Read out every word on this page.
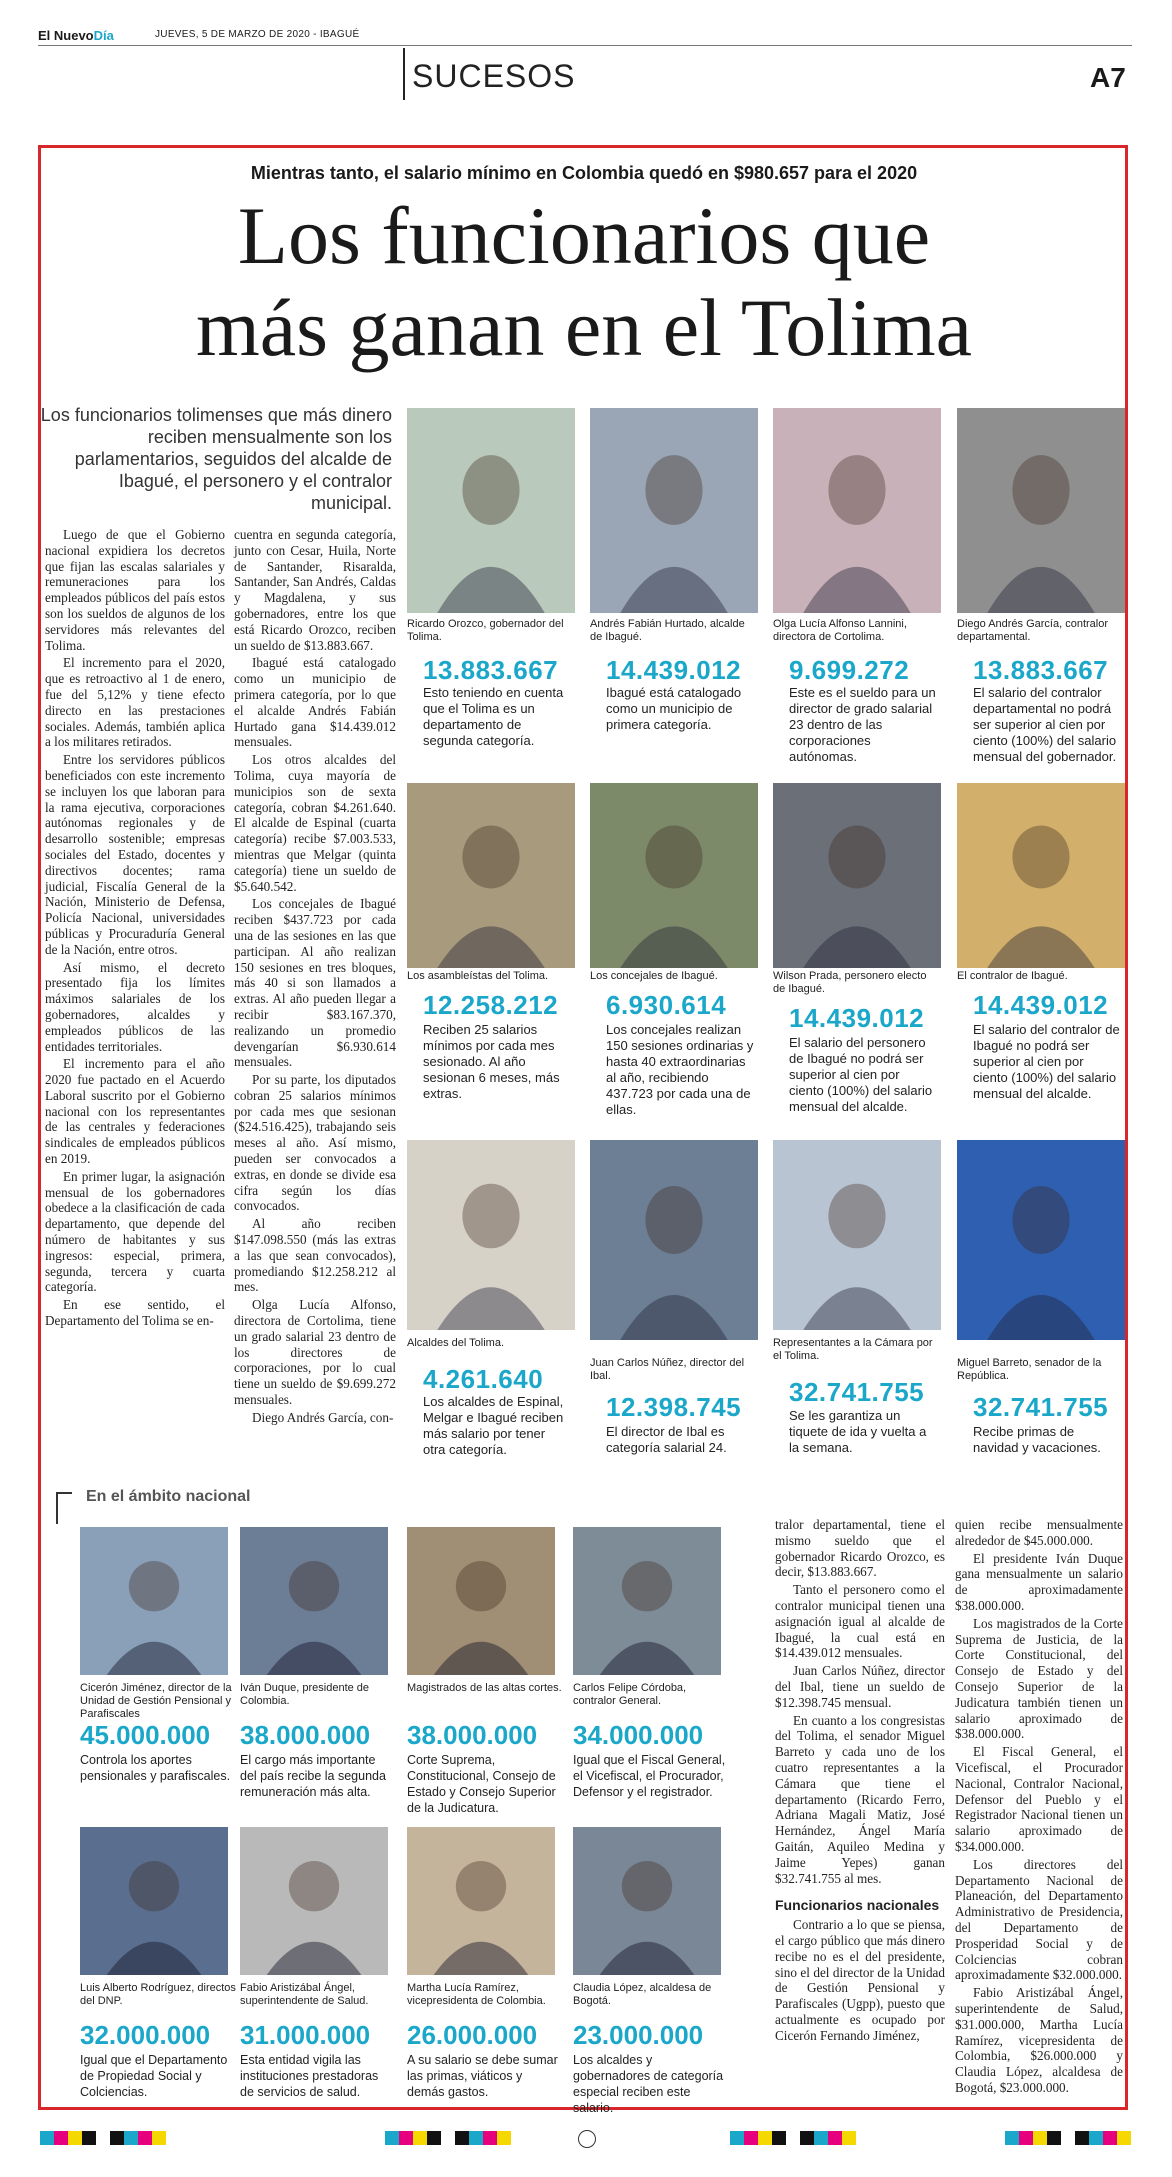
El NuevoDía	JUEVES, 5 DE MARZO DE 2020 - IBAGUÉ
SUCESOS	A7
Mientras tanto, el salario mínimo en Colombia quedó en $980.657 para el 2020
Los funcionarios que
más ganan en el Tolima
Los funcionarios tolimenses que más dinero reciben mensualmente son los parlamentarios, seguidos del alcalde de Ibagué, el personero y el contralor municipal.

Luego de que el Gobierno nacional expidiera los decretos que fijan las escalas salariales y remuneraciones para los empleados públicos del país estos son los sueldos de algunos de los servidores más relevantes del Tolima.

El incremento para el 2020, que es retroactivo al 1 de enero, fue del 5,12% y tiene efecto directo en las prestaciones sociales. Además, también aplica a los militares retirados.

Entre los servidores públicos beneficiados con este incremento se incluyen los que laboran para la rama ejecutiva, corporaciones autónomas regionales y de desarrollo sostenible; empresas sociales del Estado, docentes y directivos docentes; rama judicial, Fiscalía General de la Nación, Ministerio de Defensa, Policía Nacional, universidades públicas y Procuraduría General de la Nación, entre otros.

Así mismo, el decreto presentado fija los límites máximos salariales de los gobernadores, alcaldes y empleados públicos de las entidades territoriales.

El incremento para el año 2020 fue pactado en el Acuerdo Laboral suscrito por el Gobierno nacional con los representantes de las centrales y federaciones sindicales de empleados públicos en 2019.

En primer lugar, la asignación mensual de los gobernadores obedece a la clasificación de cada departamento, que depende del número de habitantes y sus ingresos: especial, primera, segunda, tercera y cuarta categoría.

En ese sentido, el Departamento del Tolima se en-

cuentra en segunda categoría, junto con Cesar, Huila, Norte de Santander, Risaralda, Santander, San Andrés, Caldas y Magdalena, y sus gobernadores, entre los que está Ricardo Orozco, reciben un sueldo de $13.883.667.

Ibagué está catalogado como un municipio de primera categoría, por lo que el alcalde Andrés Fabián Hurtado gana $14.439.012 mensuales.

Los otros alcaldes del Tolima, cuya mayoría de municipios son de sexta categoría, cobran $4.261.640. El alcalde de Espinal (cuarta categoría) recibe $7.003.533, mientras que Melgar (quinta categoría) tiene un sueldo de $5.640.542.

Los concejales de Ibagué reciben $437.723 por cada una de las sesiones en las que participan. Al año realizan 150 sesiones en tres bloques, más 40 si son llamados a extras. Al año pueden llegar a recibir $83.167.370, realizando un promedio devengarían $6.930.614 mensuales.

Por su parte, los diputados cobran 25 salarios mínimos por cada mes que sesionan ($24.516.425), trabajando seis meses al año. Así mismo, pueden ser convocados a extras, en donde se divide esa cifra según los días convocados.

Al año reciben $147.098.550 (más las extras a las que sean convocados), promediando $12.258.212 al mes.

Olga Lucía Alfonso, directora de Cortolima, tiene un grado salarial 23 dentro de los directores de corporaciones, por lo cual tiene un sueldo de $9.699.272 mensuales.

Diego Andrés García, con-

Ricardo Orozco, gobernador del Tolima.
13.883.667
Esto teniendo en cuenta que el Tolima es un departamento de segunda categoría.
Andrés Fabián Hurtado, alcalde de Ibagué.
14.439.012
Ibagué está catalogado como un municipio de primera categoría.
Olga Lucía Alfonso Lannini, directora de Cortolima.
9.699.272
Este es el sueldo para un director de grado salarial 23 dentro de las corporaciones autónomas.
Diego Andrés García, contralor departamental.
13.883.667
El salario del contralor departamental no podrá ser superior al cien por ciento (100%) del salario mensual del gobernador.
Los asambleístas del Tolima.
12.258.212
Reciben 25 salarios mínimos por cada mes sesionado. Al año sesionan 6 meses, más extras.
Los concejales de Ibagué.
6.930.614
Los concejales realizan 150 sesiones ordinarias y hasta 40 extraordinarias al año, recibiendo 437.723 por cada una de ellas.
Wilson Prada, personero electo de Ibagué.
14.439.012
El salario del personero de Ibagué no podrá ser superior al cien por ciento (100%) del salario mensual del alcalde.
El contralor de Ibagué.
14.439.012
El salario del contralor de Ibagué no podrá ser superior al cien por ciento (100%) del salario mensual del alcalde.
Alcaldes del Tolima.
4.261.640
Los alcaldes de Espinal, Melgar e Ibagué reciben más salario por tener otra categoría.
Juan Carlos Núñez, director del Ibal.
12.398.745
El director de Ibal es categoría salarial 24.
Representantes a la Cámara por el Tolima.
32.741.755
Se les garantiza un tiquete de ida y vuelta a la semana.
Miguel Barreto, senador de la República.
32.741.755
Recibe primas de navidad y vacaciones.
En el ámbito nacional
Cicerón Jiménez, director de la Unidad de Gestión Pensional y Parafiscales
45.000.000
Controla los aportes pensionales y parafiscales.
Iván Duque, presidente de Colombia.
38.000.000
El cargo más importante del país recibe la segunda remuneración más alta.
Magistrados de las altas cortes.
38.000.000
Corte Suprema, Constitucional, Consejo de Estado y Consejo Superior de la Judicatura.
Carlos Felipe Córdoba, contralor General.
34.000.000
Igual que el Fiscal General, el Vicefiscal, el Procurador, Defensor y el registrador.
Luis Alberto Rodríguez, directos del DNP.
32.000.000
Igual que el Departamento de Propiedad Social y Colciencias.
Fabio Aristizábal Ángel, superintendente de Salud.
31.000.000
Esta entidad vigila las instituciones prestadoras de servicios de salud.
Martha Lucía Ramírez, vicepresidenta de Colombia.
26.000.000
A su salario se debe sumar las primas, viáticos y demás gastos.
Claudia López, alcaldesa de Bogotá.
23.000.000
Los alcaldes y gobernadores de categoría especial reciben este salario.

tralor departamental, tiene el mismo sueldo que el gobernador Ricardo Orozco, es decir, $13.883.667.

Tanto el personero como el contralor municipal tienen una asignación igual al alcalde de Ibagué, la cual está en $14.439.012 mensuales.

Juan Carlos Núñez, director del Ibal, tiene un sueldo de $12.398.745 mensual.

En cuanto a los congresistas del Tolima, el senador Miguel Barreto y cada uno de los cuatro representantes a la Cámara que tiene el departamento (Ricardo Ferro, Adriana Magali Matiz, José Hernández, Ángel María Gaitán, Aquileo Medina y Jaime Yepes) ganan $32.741.755 al mes.

Funcionarios nacionales

Contrario a lo que se piensa, el cargo público que más dinero recibe no es el del presidente, sino el del director de la Unidad de Gestión Pensional y Parafiscales (Ugpp), puesto que actualmente es ocupado por Cicerón Fernando Jiménez,

quien recibe mensualmente alrededor de $45.000.000.

El presidente Iván Duque gana mensualmente un salario de aproximadamente $38.000.000.

Los magistrados de la Corte Suprema de Justicia, de la Corte Constitucional, del Consejo de Estado y del Consejo Superior de la Judicatura también tienen un salario aproximado de $38.000.000.

El Fiscal General, el Vicefiscal, el Procurador Nacional, Contralor Nacional, Defensor del Pueblo y el Registrador Nacional tienen un salario aproximado de $34.000.000.

Los directores del Departamento Nacional de Planeación, del Departamento Administrativo de Presidencia, del Departamento de Prosperidad Social y de Colciencias cobran aproximadamente $32.000.000.

Fabio Aristizábal Ángel, superintendente de Salud, $31.000.000, Martha Lucía Ramírez, vicepresidenta de Colombia, $26.000.000 y Claudia López, alcaldesa de Bogotá, $23.000.000.
